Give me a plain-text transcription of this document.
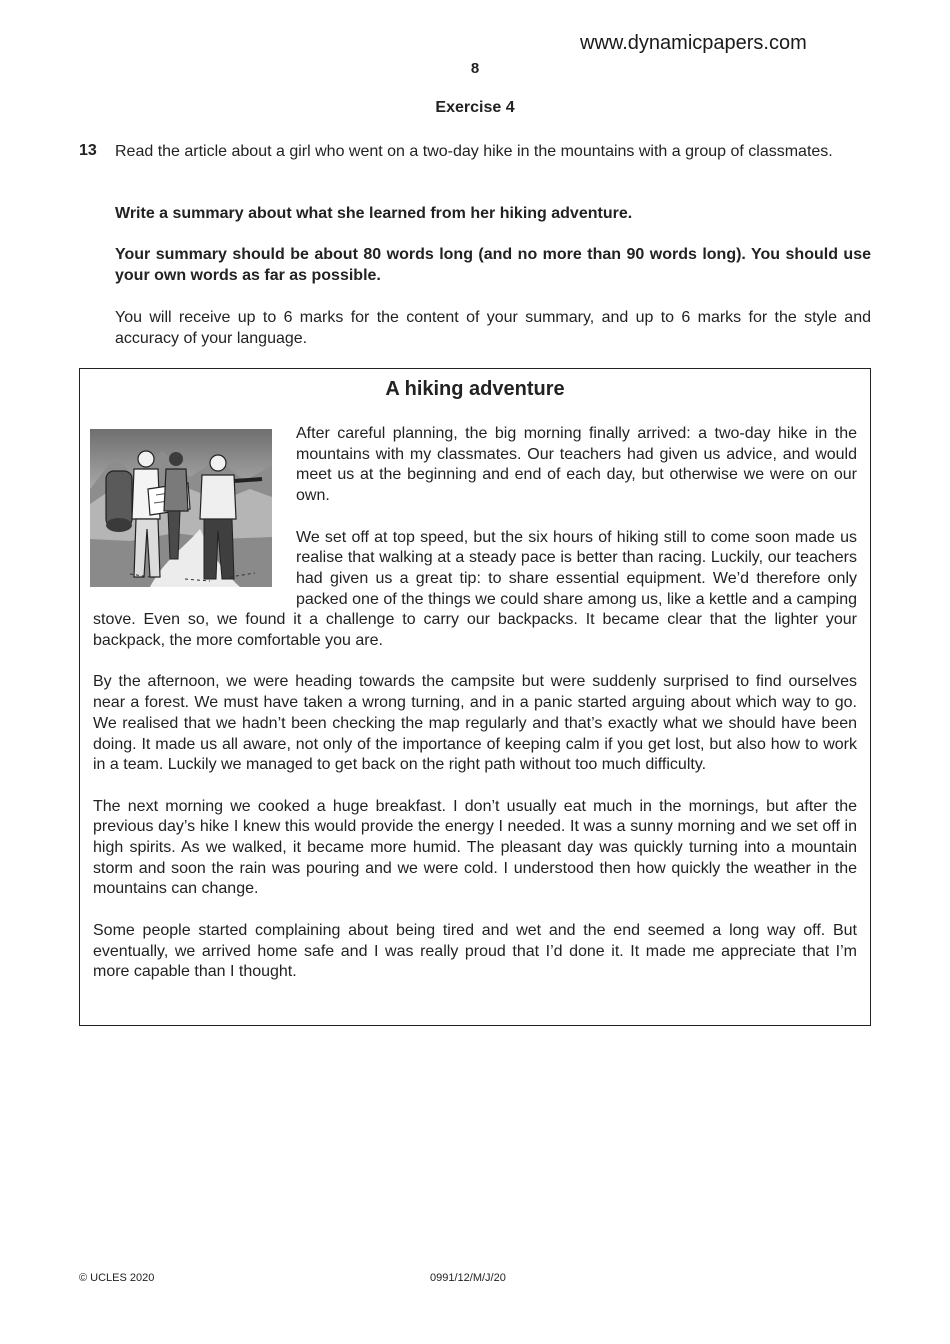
www.dynamicpapers.com
8
Exercise 4
13 Read the article about a girl who went on a two-day hike in the mountains with a group of classmates.

Write a summary about what she learned from her hiking adventure.

Your summary should be about 80 words long (and no more than 90 words long). You should use your own words as far as possible.

You will receive up to 6 marks for the content of your summary, and up to 6 marks for the style and accuracy of your language.

A hiking adventure

After careful planning, the big morning finally arrived: a two-day hike in the mountains with my classmates. Our teachers had given us advice, and would meet us at the beginning and end of each day, but otherwise we were on our own.

We set off at top speed, but the six hours of hiking still to come soon made us realise that walking at a steady pace is better than racing. Luckily, our teachers had given us a great tip: to share essential equipment. We’d therefore only packed one of the things we could share among us, like a kettle and a camping stove. Even so, we found it a challenge to carry our backpacks. It became clear that the lighter your backpack, the more comfortable you are.

By the afternoon, we were heading towards the campsite but were suddenly surprised to find ourselves near a forest. We must have taken a wrong turning, and in a panic started arguing about which way to go. We realised that we hadn’t been checking the map regularly and that’s exactly what we should have been doing. It made us all aware, not only of the importance of keeping calm if you get lost, but also how to work in a team. Luckily we managed to get back on the right path without too much difficulty.

The next morning we cooked a huge breakfast. I don’t usually eat much in the mornings, but after the previous day’s hike I knew this would provide the energy I needed. It was a sunny morning and we set off in high spirits. As we walked, it became more humid. The pleasant day was quickly turning into a mountain storm and soon the rain was pouring and we were cold. I understood then how quickly the weather in the mountains can change.

Some people started complaining about being tired and wet and the end seemed a long way off. But eventually, we arrived home safe and I was really proud that I’d done it. It made me appreciate that I’m more capable than I thought.

© UCLES 2020	0991/12/M/J/20
